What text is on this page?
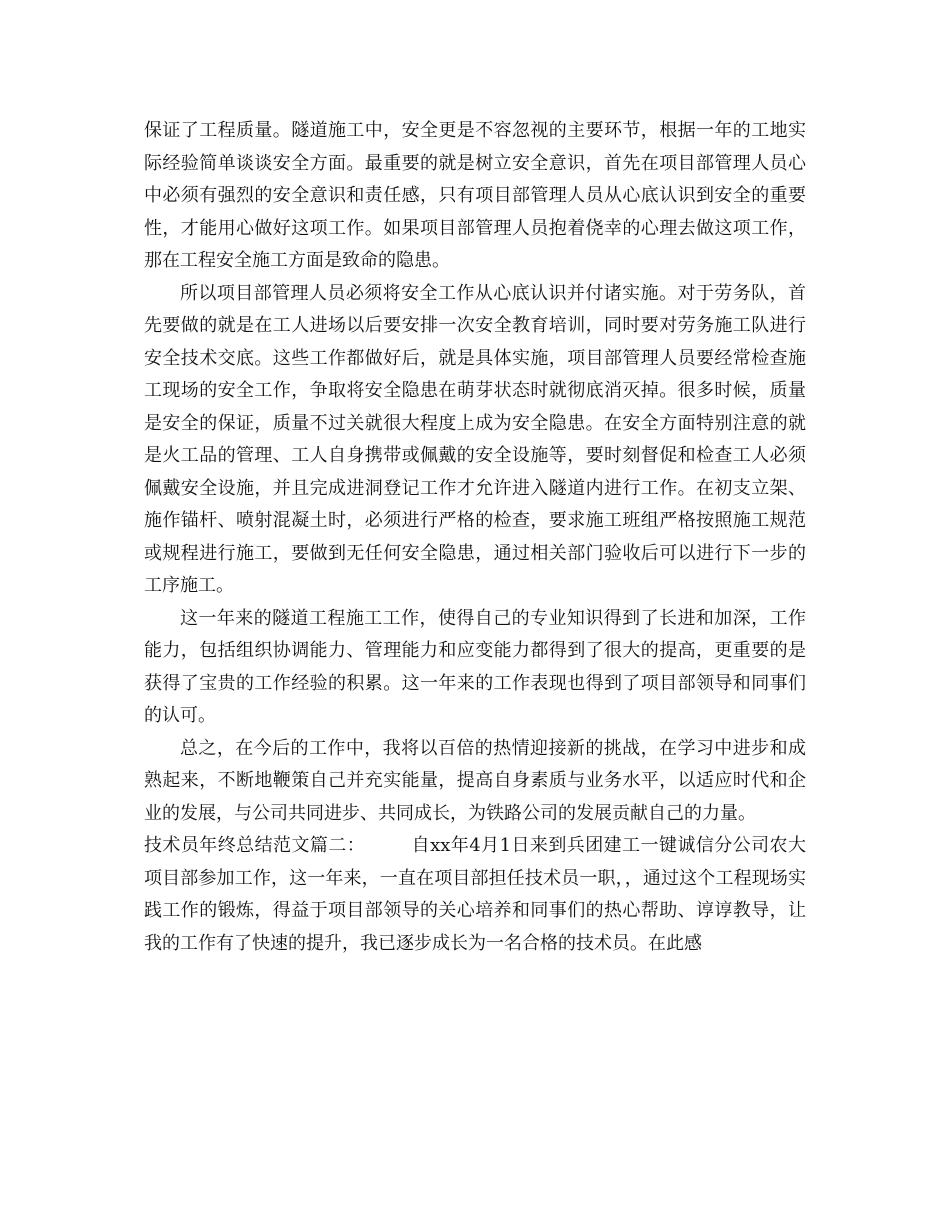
保证了工程质量。隧道施工中，安全更是不容忽视的主要环节，根据一年的工地实际经验简单谈谈安全方面。最重要的就是树立安全意识，首先在项目部管理人员心中必须有强烈的安全意识和责任感，只有项目部管理人员从心底认识到安全的重要性，才能用心做好这项工作。如果项目部管理人员抱着侥幸的心理去做这项工作，那在工程安全施工方面是致命的隐患。

所以项目部管理人员必须将安全工作从心底认识并付诸实施。对于劳务队，首先要做的就是在工人进场以后要安排一次安全教育培训，同时要对劳务施工队进行安全技术交底。这些工作都做好后，就是具体实施，项目部管理人员要经常检查施工现场的安全工作，争取将安全隐患在萌芽状态时就彻底消灭掉。很多时候，质量是安全的保证，质量不过关就很大程度上成为安全隐患。在安全方面特别注意的就是火工品的管理、工人自身携带或佩戴的安全设施等，要时刻督促和检查工人必须佩戴安全设施，并且完成进洞登记工作才允许进入隧道内进行工作。在初支立架、施作锚杆、喷射混凝土时，必须进行严格的检查，要求施工班组严格按照施工规范或规程进行施工，要做到无任何安全隐患，通过相关部门验收后可以进行下一步的工序施工。

这一年来的隧道工程施工工作，使得自己的专业知识得到了长进和加深，工作能力，包括组织协调能力、管理能力和应变能力都得到了很大的提高，更重要的是获得了宝贵的工作经验的积累。这一年来的工作表现也得到了项目部领导和同事们的认可。

总之，在今后的工作中，我将以百倍的热情迎接新的挑战，在学习中进步和成熟起来，不断地鞭策自己并充实能量，提高自身素质与业务水平，以适应时代和企业的发展，与公司共同进步、共同成长，为铁路公司的发展贡献自己的力量。

技术员年终总结范文篇二：	自xx年4月1日来到兵团建工一键诚信分公司农大项目部参加工作，这一年来，一直在项目部担任技术员一职，，通过这个工程现场实践工作的锻炼，得益于项目部领导的关心培养和同事们的热心帮助、谆谆教导，让我的工作有了快速的提升，我已逐步成长为一名合格的技术员。在此感
